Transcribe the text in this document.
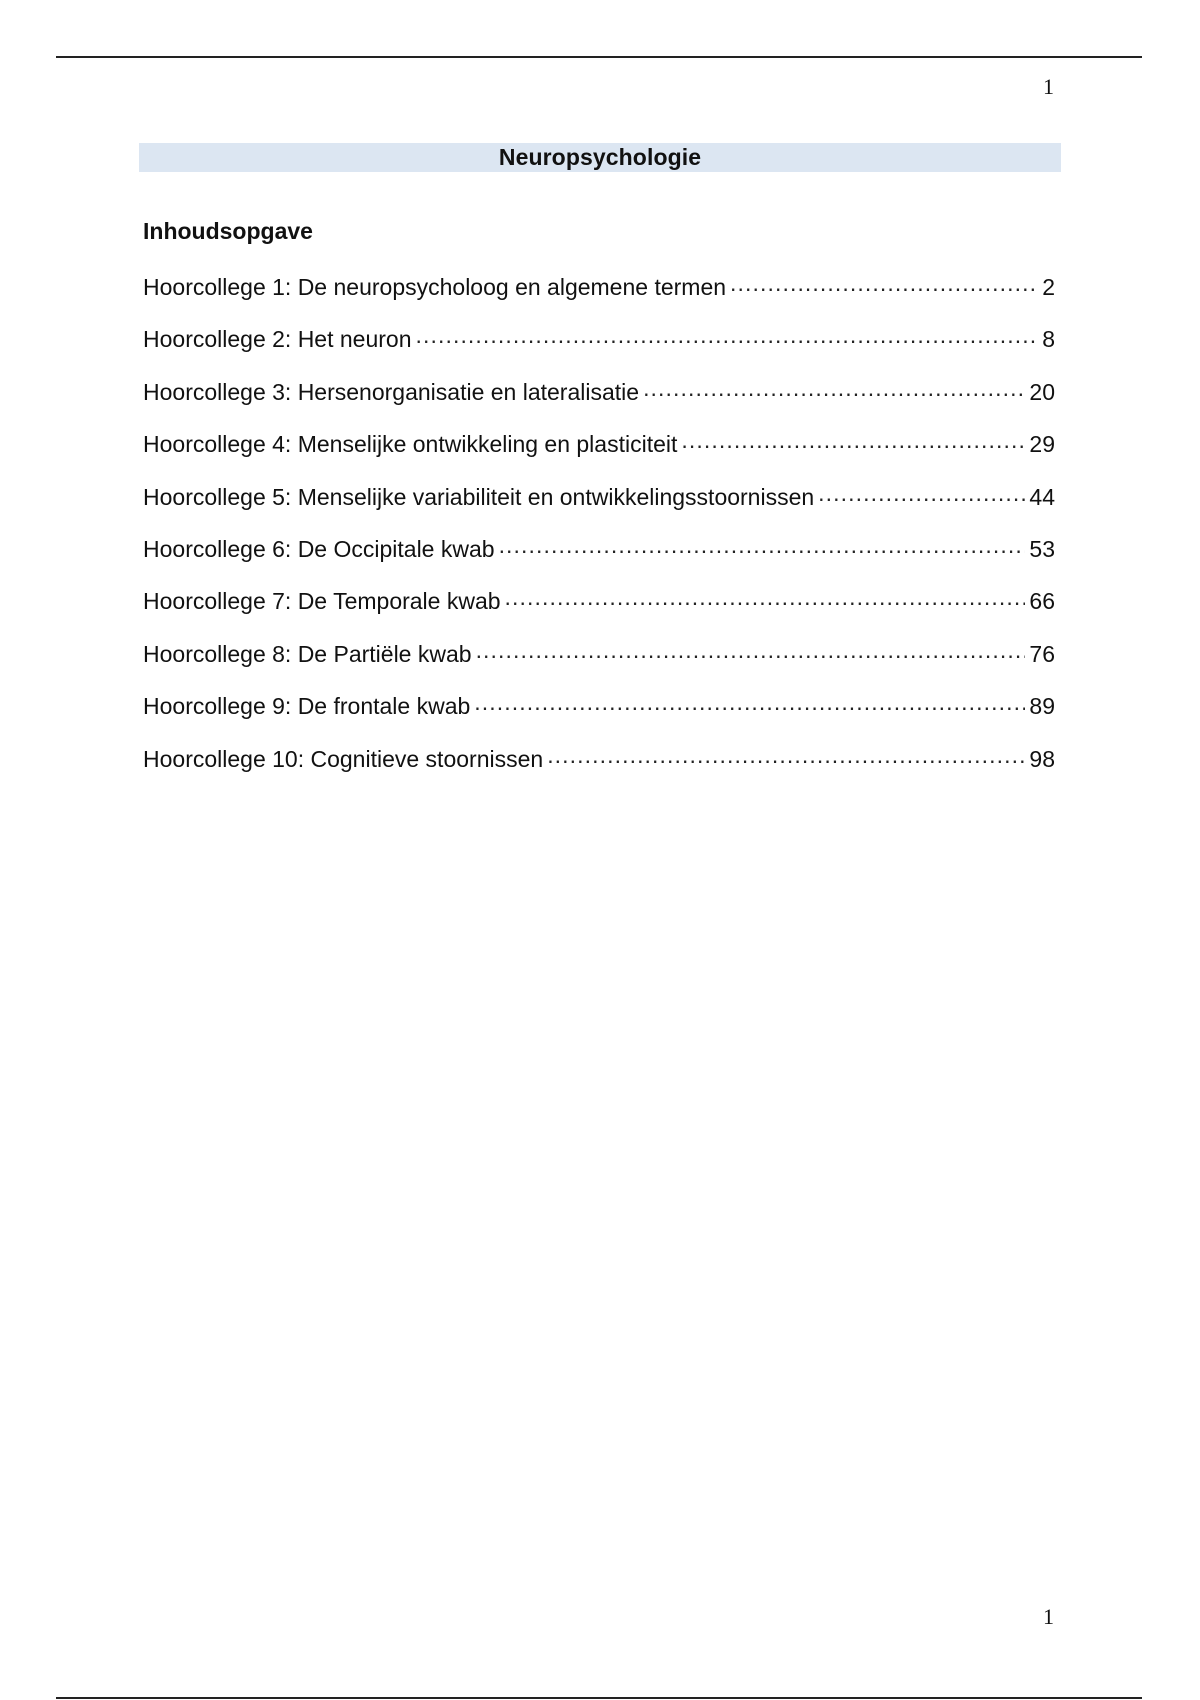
1
Neuropsychologie
Inhoudsopgave
Hoorcollege 1: De neuropsycholoog en algemene termen .....	2
Hoorcollege 2: Het neuron .....	8
Hoorcollege 3: Hersenorganisatie en lateralisatie .....	20
Hoorcollege 4: Menselijke ontwikkeling en plasticiteit .....	29
Hoorcollege 5: Menselijke variabiliteit en ontwikkelingsstoornissen .....	44
Hoorcollege 6: De Occipitale kwab .....	53
Hoorcollege 7: De Temporale kwab .....	66
Hoorcollege 8: De Partiële kwab .....	76
Hoorcollege 9: De frontale kwab .....	89
Hoorcollege 10: Cognitieve stoornissen .....	98
1
